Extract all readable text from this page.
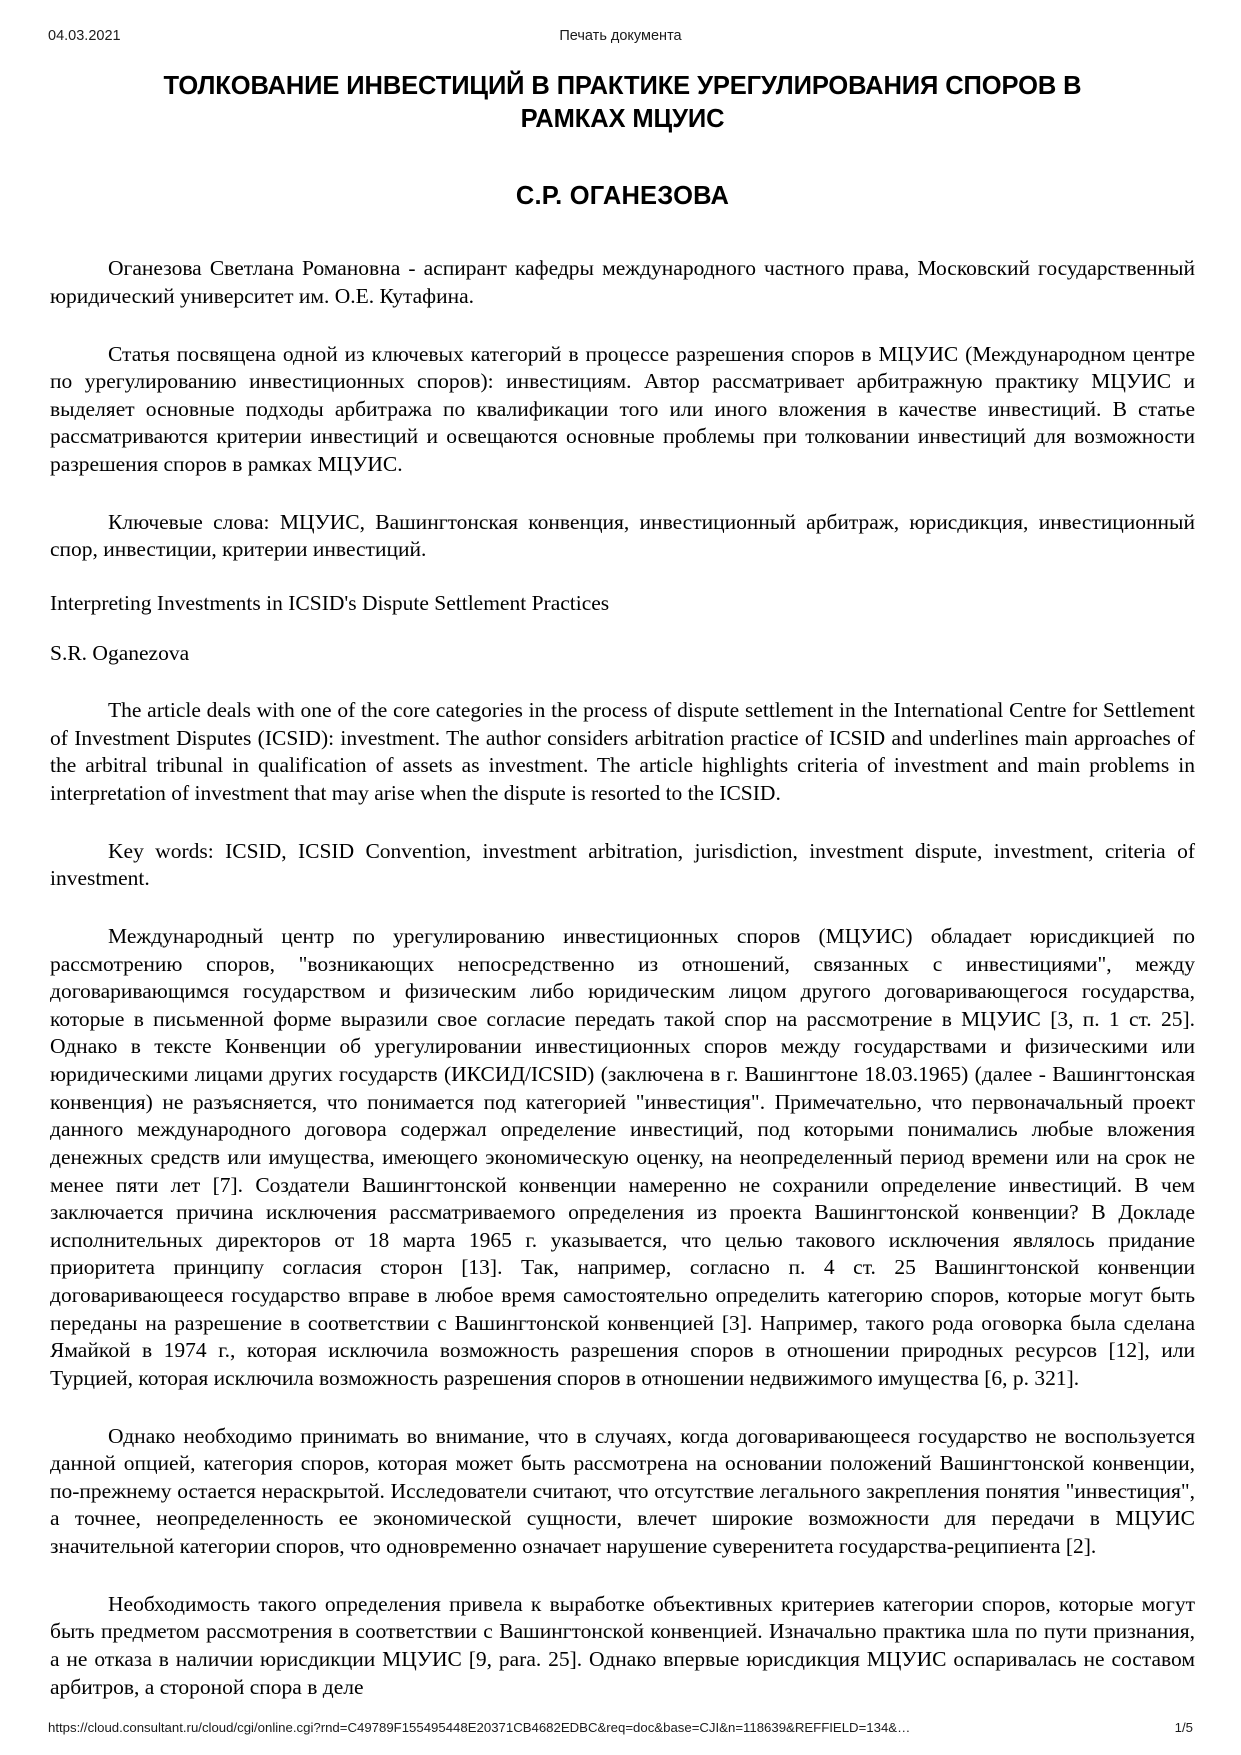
04.03.2021	Печать документа
ТОЛКОВАНИЕ ИНВЕСТИЦИЙ В ПРАКТИКЕ УРЕГУЛИРОВАНИЯ СПОРОВ В РАМКАХ МЦУИС
С.Р. ОГАНЕЗОВА

Оганезова Светлана Романовна - аспирант кафедры международного частного права, Московский государственный юридический университет им. О.Е. Кутафина.

Статья посвящена одной из ключевых категорий в процессе разрешения споров в МЦУИС (Международном центре по урегулированию инвестиционных споров): инвестициям. Автор рассматривает арбитражную практику МЦУИС и выделяет основные подходы арбитража по квалификации того или иного вложения в качестве инвестиций. В статье рассматриваются критерии инвестиций и освещаются основные проблемы при толковании инвестиций для возможности разрешения споров в рамках МЦУИС.

Ключевые слова: МЦУИС, Вашингтонская конвенция, инвестиционный арбитраж, юрисдикция, инвестиционный спор, инвестиции, критерии инвестиций.

Interpreting Investments in ICSID's Dispute Settlement Practices

S.R. Oganezova

The article deals with one of the core categories in the process of dispute settlement in the International Centre for Settlement of Investment Disputes (ICSID): investment. The author considers arbitration practice of ICSID and underlines main approaches of the arbitral tribunal in qualification of assets as investment. The article highlights criteria of investment and main problems in interpretation of investment that may arise when the dispute is resorted to the ICSID.

Key words: ICSID, ICSID Convention, investment arbitration, jurisdiction, investment dispute, investment, criteria of investment.

Международный центр по урегулированию инвестиционных споров (МЦУИС) обладает юрисдикцией по рассмотрению споров, "возникающих непосредственно из отношений, связанных с инвестициями", между договаривающимся государством и физическим либо юридическим лицом другого договаривающегося государства, которые в письменной форме выразили свое согласие передать такой спор на рассмотрение в МЦУИС [3, п. 1 ст. 25]. Однако в тексте Конвенции об урегулировании инвестиционных споров между государствами и физическими или юридическими лицами других государств (ИКСИД/ICSID) (заключена в г. Вашингтоне 18.03.1965) (далее - Вашингтонская конвенция) не разъясняется, что понимается под категорией "инвестиция". Примечательно, что первоначальный проект данного международного договора содержал определение инвестиций, под которыми понимались любые вложения денежных средств или имущества, имеющего экономическую оценку, на неопределенный период времени или на срок не менее пяти лет [7]. Создатели Вашингтонской конвенции намеренно не сохранили определение инвестиций. В чем заключается причина исключения рассматриваемого определения из проекта Вашингтонской конвенции? В Докладе исполнительных директоров от 18 марта 1965 г. указывается, что целью такового исключения являлось придание приоритета принципу согласия сторон [13]. Так, например, согласно п. 4 ст. 25 Вашингтонской конвенции договаривающееся государство вправе в любое время самостоятельно определить категорию споров, которые могут быть переданы на разрешение в соответствии с Вашингтонской конвенцией [3]. Например, такого рода оговорка была сделана Ямайкой в 1974 г., которая исключила возможность разрешения споров в отношении природных ресурсов [12], или Турцией, которая исключила возможность разрешения споров в отношении недвижимого имущества [6, p. 321].

Однако необходимо принимать во внимание, что в случаях, когда договаривающееся государство не воспользуется данной опцией, категория споров, которая может быть рассмотрена на основании положений Вашингтонской конвенции, по-прежнему остается нераскрытой. Исследователи считают, что отсутствие легального закрепления понятия "инвестиция", а точнее, неопределенность ее экономической сущности, влечет широкие возможности для передачи в МЦУИС значительной категории споров, что одновременно означает нарушение суверенитета государства-реципиента [2].

Необходимость такого определения привела к выработке объективных критериев категории споров, которые могут быть предметом рассмотрения в соответствии с Вашингтонской конвенцией. Изначально практика шла по пути признания, а не отказа в наличии юрисдикции МЦУИС [9, para. 25]. Однако впервые юрисдикция МЦУИС оспаривалась не составом арбитров, а стороной спора в деле

https://cloud.consultant.ru/cloud/cgi/online.cgi?rnd=C49789F155495448E20371CB4682EDBC&req=doc&base=CJI&n=118639&REFFIELD=134&…	1/5
